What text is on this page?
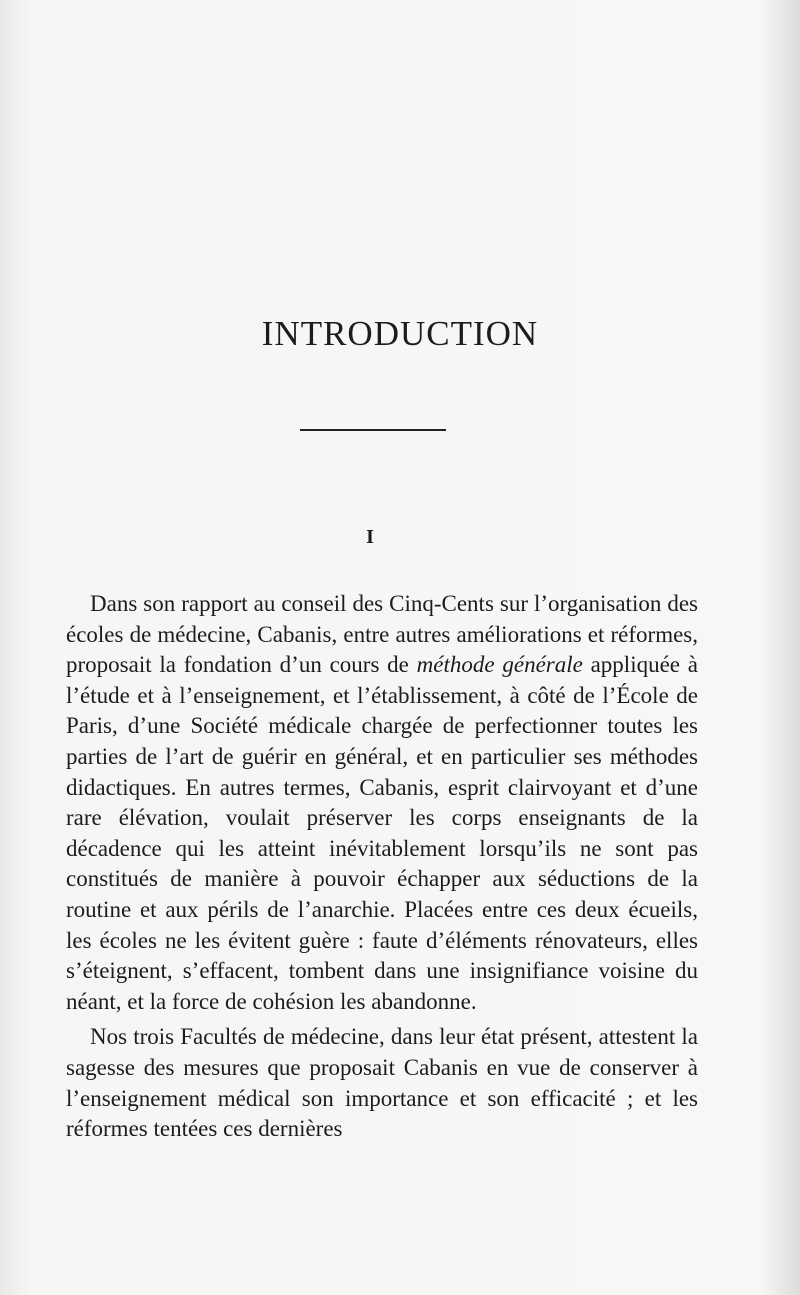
INTRODUCTION
I

Dans son rapport au conseil des Cinq-Cents sur l’organisation des écoles de médecine, Cabanis, entre autres améliorations et réformes, proposait la fondation d’un cours de méthode générale appliquée à l’étude et à l’enseignement, et l’établissement, à côté de l’École de Paris, d’une Société médicale chargée de perfectionner toutes les parties de l’art de guérir en général, et en particulier ses méthodes didactiques. En autres termes, Cabanis, esprit clairvoyant et d’une rare élévation, voulait préserver les corps enseignants de la décadence qui les atteint inévitablement lorsqu’ils ne sont pas constitués de manière à pouvoir échapper aux séductions de la routine et aux périls de l’anarchie. Placées entre ces deux écueils, les écoles ne les évitent guère : faute d’éléments rénovateurs, elles s’éteignent, s’effacent, tombent dans une insignifiance voisine du néant, et la force de cohésion les abandonne.

Nos trois Facultés de médecine, dans leur état présent, attestent la sagesse des mesures que proposait Cabanis en vue de conserver à l’enseignement médical son importance et son efficacité ; et les réformes tentées ces dernières
